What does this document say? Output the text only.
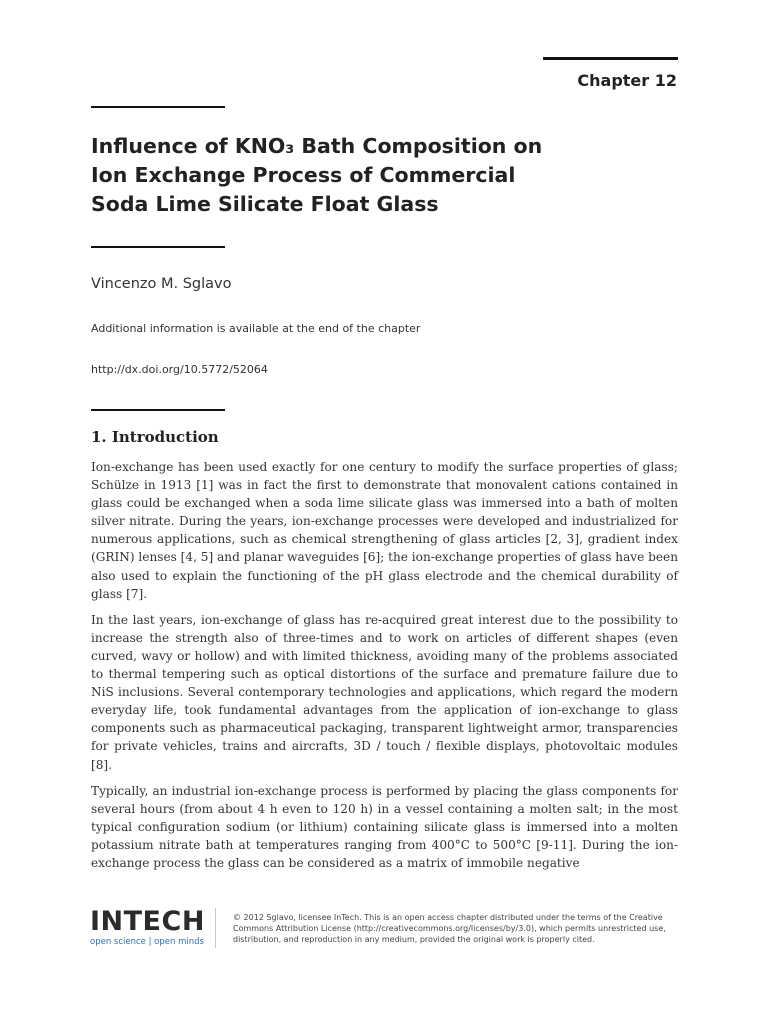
Chapter 12
Influence of KNO₃ Bath Composition on
Ion Exchange Process of Commercial
Soda Lime Silicate Float Glass
Vincenzo M. Sglavo
Additional information is available at the end of the chapter
http://dx.doi.org/10.5772/52064
1. Introduction

Ion-exchange has been used exactly for one century to modify the surface properties of glass; Schülze in 1913 [1] was in fact the first to demonstrate that monovalent cations contained in glass could be exchanged when a soda lime silicate glass was immersed into a bath of molten silver nitrate. During the years, ion-exchange processes were developed and industrialized for numerous applications, such as chemical strengthening of glass articles [2, 3], gradient index (GRIN) lenses [4, 5] and planar waveguides [6]; the ion-exchange properties of glass have been also used to explain the functioning of the pH glass electrode and the chemical durability of glass [7].

In the last years, ion-exchange of glass has re-acquired great interest due to the possibility to increase the strength also of three-times and to work on articles of different shapes (even curved, wavy or hollow) and with limited thickness, avoiding many of the problems associated to thermal tempering such as optical distortions of the surface and premature failure due to NiS inclusions. Several contemporary technologies and applications, which regard the modern everyday life, took fundamental advantages from the application of ion-exchange to glass components such as pharmaceutical packaging, transparent lightweight armor, transparencies for private vehicles, trains and aircrafts, 3D / touch / flexible displays, photovoltaic modules [8].

Typically, an industrial ion-exchange process is performed by placing the glass components for several hours (from about 4 h even to 120 h) in a vessel containing a molten salt; in the most typical configuration sodium (or lithium) containing silicate glass is immersed into a molten potassium nitrate bath at temperatures ranging from 400°C to 500°C [9-11]. During the ion-exchange process the glass can be considered as a matrix of immobile negative

INTECH
open science | open minds
© 2012 Sglavo, licensee InTech. This is an open access chapter distributed under the terms of the Creative Commons Attribution License (http://creativecommons.org/licenses/by/3.0), which permits unrestricted use, distribution, and reproduction in any medium, provided the original work is properly cited.
